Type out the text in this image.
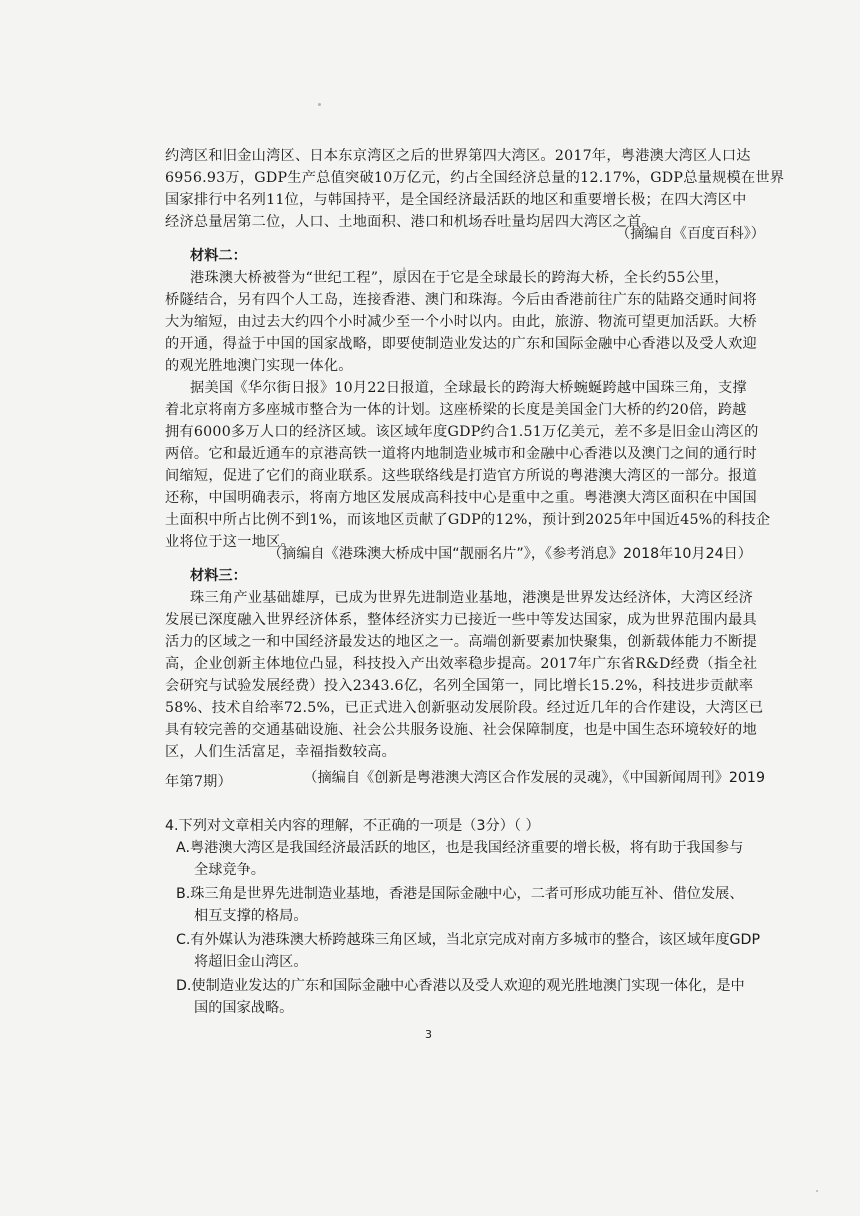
约湾区和旧金山湾区、日本东京湾区之后的世界第四大湾区。2017年，粤港澳大湾区人口达
6956.93万，GDP生产总值突破10万亿元，约占全国经济总量的12.17%，GDP总量规模在世界
国家排行中名列11位，与韩国持平，是全国经济最活跃的地区和重要增长极；在四大湾区中
经济总量居第二位，人口、土地面积、港口和机场吞吐量均居四大湾区之首。
（摘编自《百度百科》）
材料二：
港珠澳大桥被誉为“世纪工程”，原因在于它是全球最长的跨海大桥，全长约55公里，
桥隧结合，另有四个人工岛，连接香港、澳门和珠海。今后由香港前往广东的陆路交通时间将
大为缩短，由过去大约四个小时减少至一个小时以内。由此，旅游、物流可望更加活跃。大桥
的开通，得益于中国的国家战略，即要使制造业发达的广东和国际金融中心香港以及受人欢迎
的观光胜地澳门实现一体化。
据美国《华尔街日报》10月22日报道，全球最长的跨海大桥蜿蜒跨越中国珠三角，支撑
着北京将南方多座城市整合为一体的计划。这座桥梁的长度是美国金门大桥的约20倍，跨越
拥有6000多万人口的经济区域。该区域年度GDP约合1.51万亿美元，差不多是旧金山湾区的
两倍。它和最近通车的京港高铁一道将内地制造业城市和金融中心香港以及澳门之间的通行时
间缩短，促进了它们的商业联系。这些联络线是打造官方所说的粤港澳大湾区的一部分。报道
还称，中国明确表示，将南方地区发展成高科技中心是重中之重。粤港澳大湾区面积在中国国
土面积中所占比例不到1%，而该地区贡献了GDP的12%，预计到2025年中国近45%的科技企
业将位于这一地区。
（摘编自《港珠澳大桥成中国“靓丽名片”》，《参考消息》2018年10月24日）
材料三：
珠三角产业基础雄厚，已成为世界先进制造业基地，港澳是世界发达经济体，大湾区经济
发展已深度融入世界经济体系，整体经济实力已接近一些中等发达国家，成为世界范围内最具
活力的区域之一和中国经济最发达的地区之一。高端创新要素加快聚集，创新载体能力不断提
高，企业创新主体地位凸显，科技投入产出效率稳步提高。2017年广东省R&D经费（指全社
会研究与试验发展经费）投入2343.6亿，名列全国第一，同比增长15.2%，科技进步贡献率
58%、技术自给率72.5%，已正式进入创新驱动发展阶段。经过近几年的合作建设，大湾区已
具有较完善的交通基础设施、社会公共服务设施、社会保障制度，也是中国生态环境较好的地
区，人们生活富足，幸福指数较高。
（摘编自《创新是粤港澳大湾区合作发展的灵魂》，《中国新闻周刊》2019
年第7期）
4.下列对文章相关内容的理解，不正确的一项是（3分）（ ）
A.粤港澳大湾区是我国经济最活跃的地区，也是我国经济重要的增长极，将有助于我国参与
全球竞争。
B.珠三角是世界先进制造业基地，香港是国际金融中心，二者可形成功能互补、借位发展、
相互支撑的格局。
C.有外媒认为港珠澳大桥跨越珠三角区域，当北京完成对南方多城市的整合，该区域年度GDP
将超旧金山湾区。
D.使制造业发达的广东和国际金融中心香港以及受人欢迎的观光胜地澳门实现一体化，是中
国的国家战略。
3
